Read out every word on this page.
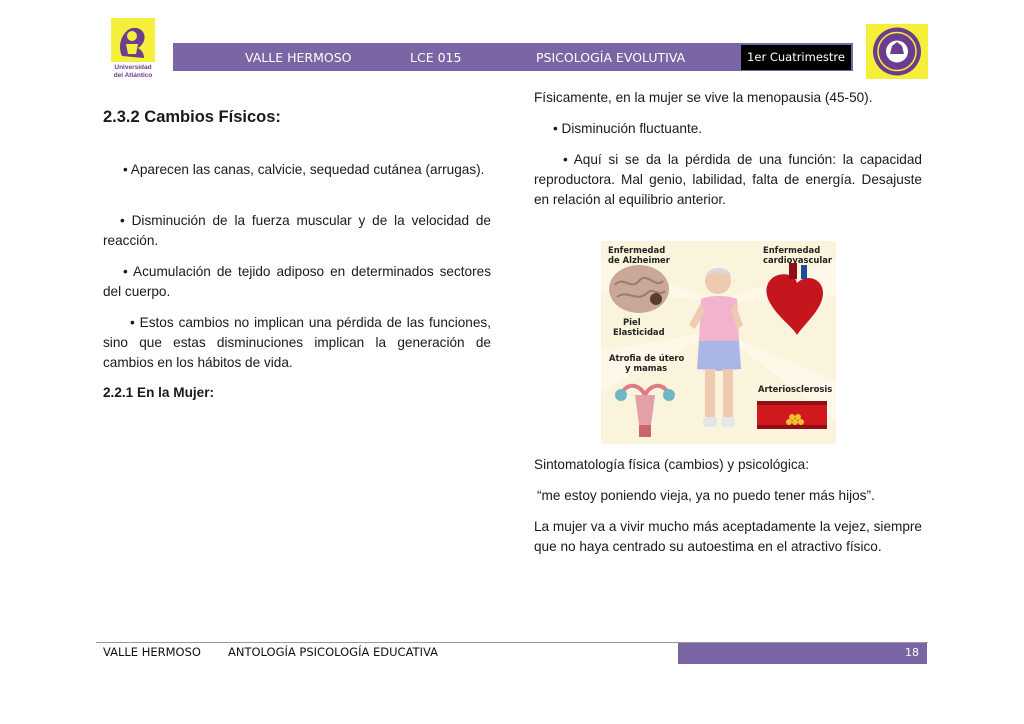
Universidad
del Atlántico
VALLE HERMOSO	LCE 015	PSICOLOGÍA EVOLUTIVA	1er Cuatrimestre
2.3.2 Cambios Físicos:
• Aparecen las canas, calvicie, sequedad cutánea (arrugas).
• Disminución de la fuerza muscular y de la velocidad de reacción.
• Acumulación de tejido adiposo en determinados sectores del cuerpo.
• Estos cambios no implican una pérdida de las funciones, sino que estas disminuciones implican la generación de cambios en los hábitos de vida.
2.2.1 En la Mujer:
Físicamente, en la mujer se vive la menopausia (45-50).
• Disminución fluctuante.
• Aquí si se da la pérdida de una función: la capacidad reproductora. Mal genio, labilidad, falta de energía. Desajuste en relación al equilibrio anterior.
Enfermedad
de Alzheimer
Enfermedad
cardiovascular
Piel
Elasticidad
Atrofia de útero
y mamas
Arteriosclerosis
Sintomatología física (cambios) y psicológica:
“me estoy poniendo vieja, ya no puedo tener más hijos”.
La mujer va a vivir mucho más aceptadamente la vejez, siempre que no haya centrado su autoestima en el atractivo físico.
VALLE HERMOSO ANTOLOGÍA PSICOLOGÍA EDUCATIVA	18
